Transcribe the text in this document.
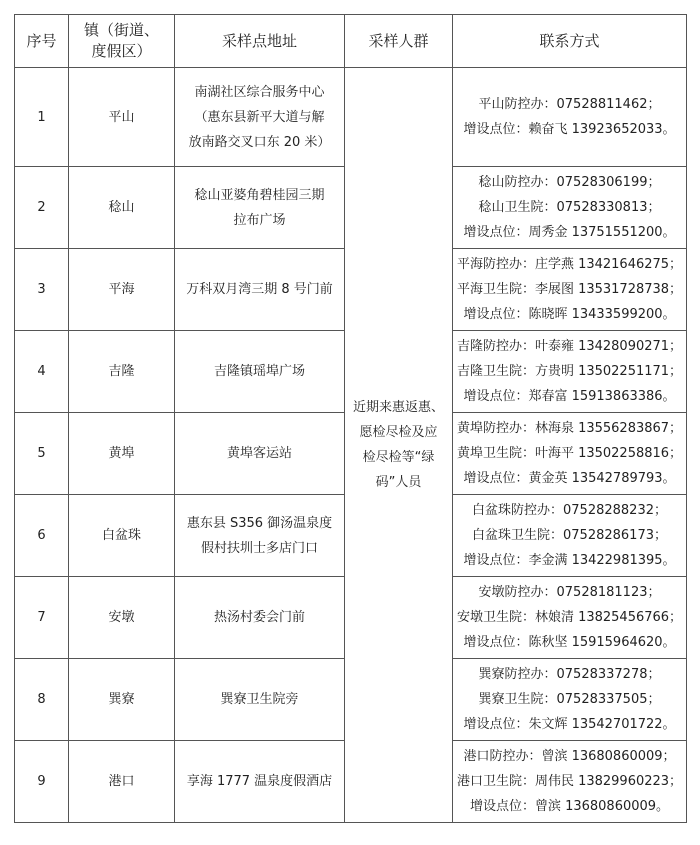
序号	镇（街道、
度假区）	采样点地址	采样人群	联系方式
1	平山	南湖社区综合服务中心
（惠东县新平大道与解
放南路交叉口东 20 米）	近期来惠返惠、
愿检尽检及应
检尽检等“绿
码”人员	平山防控办：07528811462；
增设点位：赖奋飞 13923652033。

2	稔山	稔山亚婆角碧桂园三期
拉布广场		稔山防控办：07528306199；
稔山卫生院：07528330813；
增设点位：周秀金 13751551200。

3	平海	万科双月湾三期 8 号门前		平海防控办：庄学燕 13421646275；
平海卫生院：李展图 13531728738；
增设点位：陈晓晖 13433599200。

4	吉隆	吉隆镇瑶埠广场		吉隆防控办：叶泰雍 13428090271；
吉隆卫生院：方贵明 13502251171；
增设点位：郑春富 15913863386。

5	黄埠	黄埠客运站		黄埠防控办：林海泉 13556283867；
黄埠卫生院：叶海平 13502258816；
增设点位：黄金英 13542789793。

6	白盆珠	惠东县 S356 御汤温泉度
假村扶圳士多店门口		白盆珠防控办：07528288232；
白盆珠卫生院：07528286173；
增设点位：李金满 13422981395。

7	安墩	热汤村委会门前		安墩防控办：07528181123；
安墩卫生院：林娘清 13825456766；
增设点位：陈秋坚 15915964620。

8	巽寮	巽寮卫生院旁		巽寮防控办：07528337278；
巽寮卫生院：07528337505；
增设点位：朱文辉 13542701722。

9	港口	享海 1777 温泉度假酒店		港口防控办：曾滨 13680860009；
港口卫生院：周伟民 13829960223；
增设点位：曾滨 13680860009。
